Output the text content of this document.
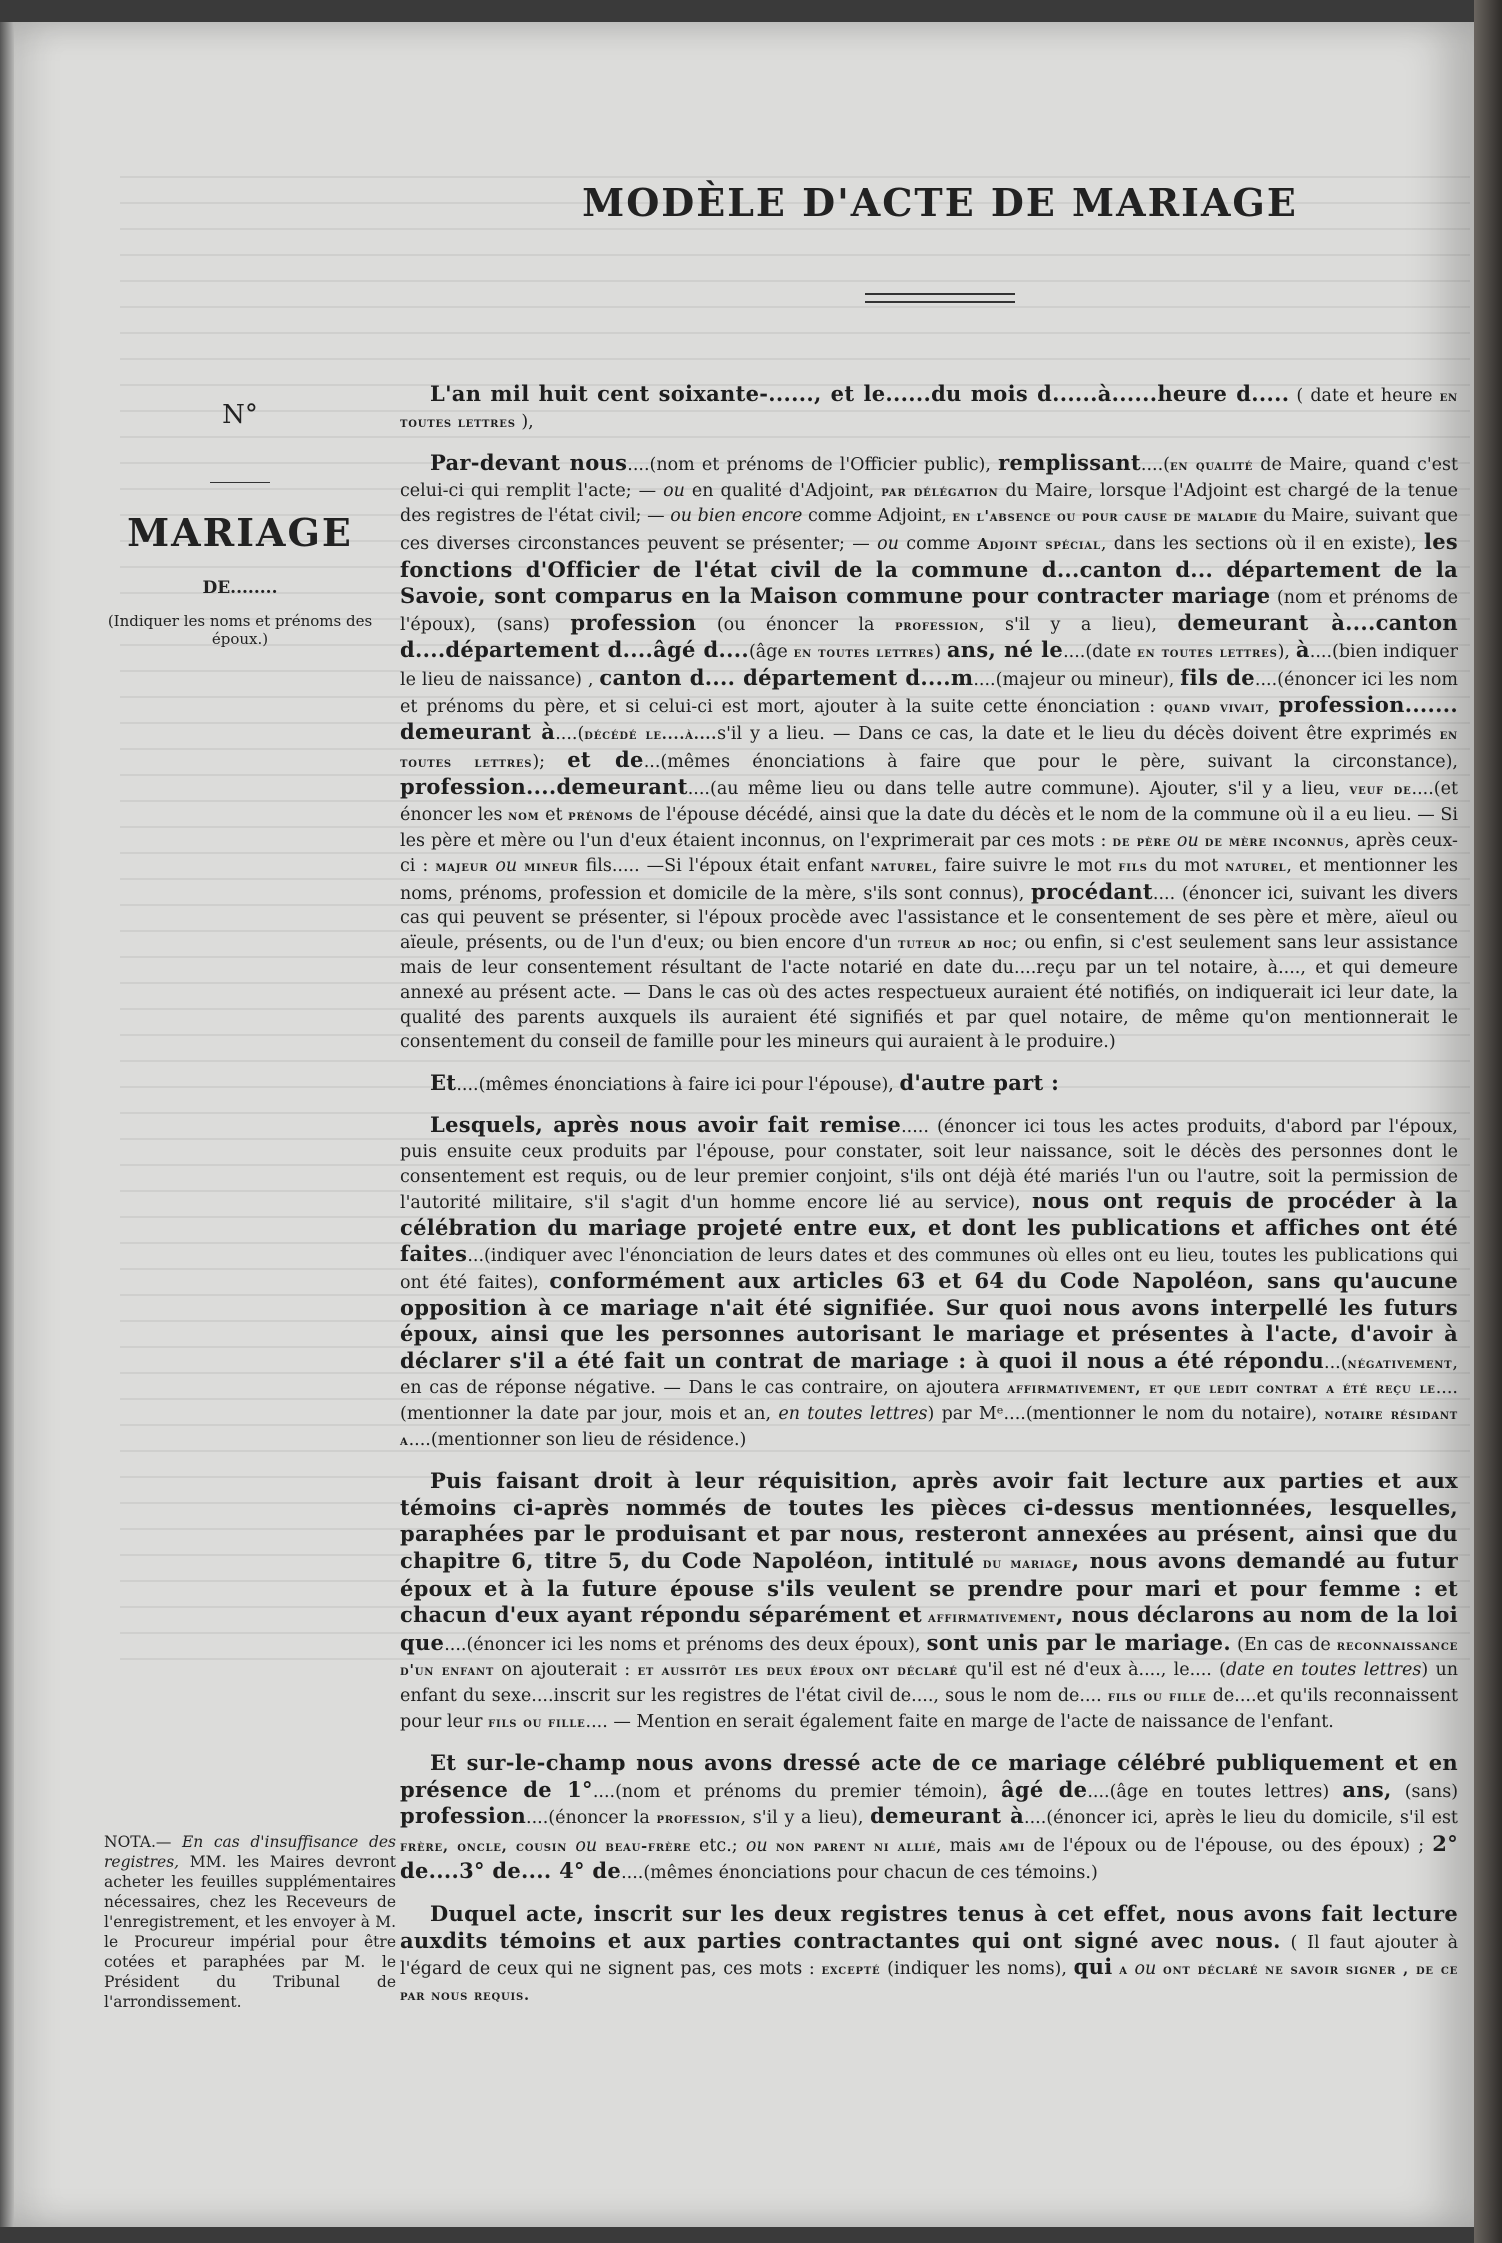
MODÈLE D'ACTE DE MARIAGE
N°
MARIAGE
DE........
(Indiquer les noms et prénoms des époux.)
NOTA.— En cas d'insuffisance des registres, MM. les Maires devront acheter les feuilles supplémentaires nécessaires, chez les Receveurs de l'enregistrement, et les envoyer à M. le Procureur impérial pour être cotées et paraphées par M. le Président du Tribunal de l'arrondissement.

L'an mil huit cent soixante-......, et le......du mois d......à......heure d..... ( date et heure en toutes lettres ),

Par-devant nous....(nom et prénoms de l'Officier public), remplissant....(en qualité de Maire, quand c'est celui-ci qui remplit l'acte; — ou en qualité d'Adjoint, par délégation du Maire, lorsque l'Adjoint est chargé de la tenue des registres de l'état civil; — ou bien encore comme Adjoint, en l'absence ou pour cause de maladie du Maire, suivant que ces diverses circonstances peuvent se présenter; — ou comme Adjoint spécial, dans les sections où il en existe), les fonctions d'Officier de l'état civil de la commune d...canton d... département de la Savoie, sont comparus en la Maison commune pour contracter mariage (nom et prénoms de l'époux), (sans) profession (ou énoncer la profession, s'il y a lieu), demeurant à....canton d....département d....âgé d....(âge en toutes lettres) ans, né le....(date en toutes lettres), à....(bien indiquer le lieu de naissance) , canton d.... département d....m....(majeur ou mineur), fils de....(énoncer ici les nom et prénoms du père, et si celui-ci est mort, ajouter à la suite cette énonciation : quand vivait, profession....... demeurant à....(décédé le....à....s'il y a lieu. — Dans ce cas, la date et le lieu du décès doivent être exprimés en toutes lettres); et de...(mêmes énonciations à faire que pour le père, suivant la circonstance), profession....demeurant....(au même lieu ou dans telle autre commune). Ajouter, s'il y a lieu, veuf de....(et énoncer les nom et prénoms de l'épouse décédé, ainsi que la date du décès et le nom de la commune où il a eu lieu. — Si les père et mère ou l'un d'eux étaient inconnus, on l'exprimerait par ces mots : de père ou de mère inconnus, après ceux-ci : majeur ou mineur fils..... —Si l'époux était enfant naturel, faire suivre le mot fils du mot naturel, et mentionner les noms, prénoms, profession et domicile de la mère, s'ils sont connus), procédant.... (énoncer ici, suivant les divers cas qui peuvent se présenter, si l'époux procède avec l'assistance et le consentement de ses père et mère, aïeul ou aïeule, présents, ou de l'un d'eux; ou bien encore d'un tuteur ad hoc; ou enfin, si c'est seulement sans leur assistance mais de leur consentement résultant de l'acte notarié en date du....reçu par un tel notaire, à...., et qui demeure annexé au présent acte. — Dans le cas où des actes respectueux auraient été notifiés, on indiquerait ici leur date, la qualité des parents auxquels ils auraient été signifiés et par quel notaire, de même qu'on mentionnerait le consentement du conseil de famille pour les mineurs qui auraient à le produire.)

Et....(mêmes énonciations à faire ici pour l'épouse), d'autre part :

Lesquels, après nous avoir fait remise..... (énoncer ici tous les actes produits, d'abord par l'époux, puis ensuite ceux produits par l'épouse, pour constater, soit leur naissance, soit le décès des personnes dont le consentement est requis, ou de leur premier conjoint, s'ils ont déjà été mariés l'un ou l'autre, soit la permission de l'autorité militaire, s'il s'agit d'un homme encore lié au service), nous ont requis de procéder à la célébration du mariage projeté entre eux, et dont les publications et affiches ont été faites...(indiquer avec l'énonciation de leurs dates et des communes où elles ont eu lieu, toutes les publications qui ont été faites), conformément aux articles 63 et 64 du Code Napoléon, sans qu'aucune opposition à ce mariage n'ait été signifiée. Sur quoi nous avons interpellé les futurs époux, ainsi que les personnes autorisant le mariage et présentes à l'acte, d'avoir à déclarer s'il a été fait un contrat de mariage : à quoi il nous a été répondu...(négativement, en cas de réponse négative. — Dans le cas contraire, on ajoutera affirmativement, et que ledit contrat a été reçu le....(mentionner la date par jour, mois et an, en toutes lettres) par Mᵉ....(mentionner le nom du notaire), notaire résidant a....(mentionner son lieu de résidence.)

Puis faisant droit à leur réquisition, après avoir fait lecture aux parties et aux témoins ci-après nommés de toutes les pièces ci-dessus mentionnées, lesquelles, paraphées par le produisant et par nous, resteront annexées au présent, ainsi que du chapitre 6, titre 5, du Code Napoléon, intitulé du mariage, nous avons demandé au futur époux et à la future épouse s'ils veulent se prendre pour mari et pour femme : et chacun d'eux ayant répondu séparément et affirmativement, nous déclarons au nom de la loi que....(énoncer ici les noms et prénoms des deux époux), sont unis par le mariage. (En cas de reconnaissance d'un enfant on ajouterait : et aussitôt les deux époux ont déclaré qu'il est né d'eux à...., le.... (date en toutes lettres) un enfant du sexe....inscrit sur les registres de l'état civil de...., sous le nom de.... fils ou fille de....et qu'ils reconnaissent pour leur fils ou fille.... — Mention en serait également faite en marge de l'acte de naissance de l'enfant.

Et sur-le-champ nous avons dressé acte de ce mariage célébré publiquement et en présence de 1°....(nom et prénoms du premier témoin), âgé de....(âge en toutes lettres) ans, (sans) profession....(énoncer la profession, s'il y a lieu), demeurant à....(énoncer ici, après le lieu du domicile, s'il est frère, oncle, cousin ou beau-frère etc.; ou non parent ni allié, mais ami de l'époux ou de l'épouse, ou des époux) ; 2° de....3° de.... 4° de....(mêmes énonciations pour chacun de ces témoins.)

Duquel acte, inscrit sur les deux registres tenus à cet effet, nous avons fait lecture auxdits témoins et aux parties contractantes qui ont signé avec nous. ( Il faut ajouter à l'égard de ceux qui ne signent pas, ces mots : excepté (indiquer les noms), qui a ou ont déclaré ne savoir signer , de ce par nous requis.
